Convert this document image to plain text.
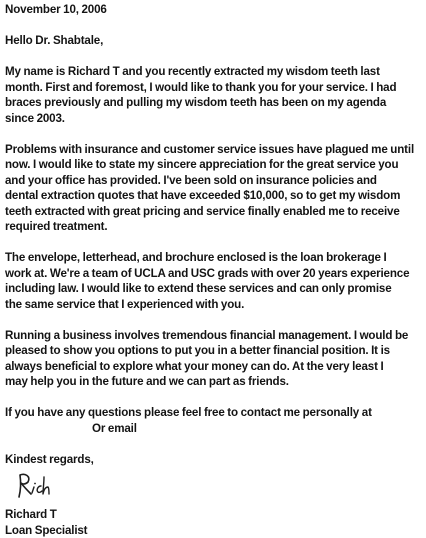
November 10, 2006

Hello Dr. Shabtale,

My name is Richard T and you recently extracted my wisdom teeth last
month. First and foremost, I would like to thank you for your service. I had
braces previously and pulling my wisdom teeth has been on my agenda
since 2003.

Problems with insurance and customer service issues have plagued me until
now. I would like to state my sincere appreciation for the great service you
and your office has provided. I've been sold on insurance policies and
dental extraction quotes that have exceeded $10,000, so to get my wisdom
teeth extracted with great pricing and service finally enabled me to receive
required treatment.

The envelope, letterhead, and brochure enclosed is the loan brokerage I
work at. We're a team of UCLA and USC grads with over 20 years experience
including law. I would like to extend these services and can only promise
the same service that I experienced with you.

Running a business involves tremendous financial management. I would be
pleased to show you options to put you in a better financial position. It is
always beneficial to explore what your money can do. At the very least I
may help you in the future and we can part as friends.

If you have any questions please feel free to contact me personally at
Or email

Kindest regards,

Richard T

Loan Specialist
